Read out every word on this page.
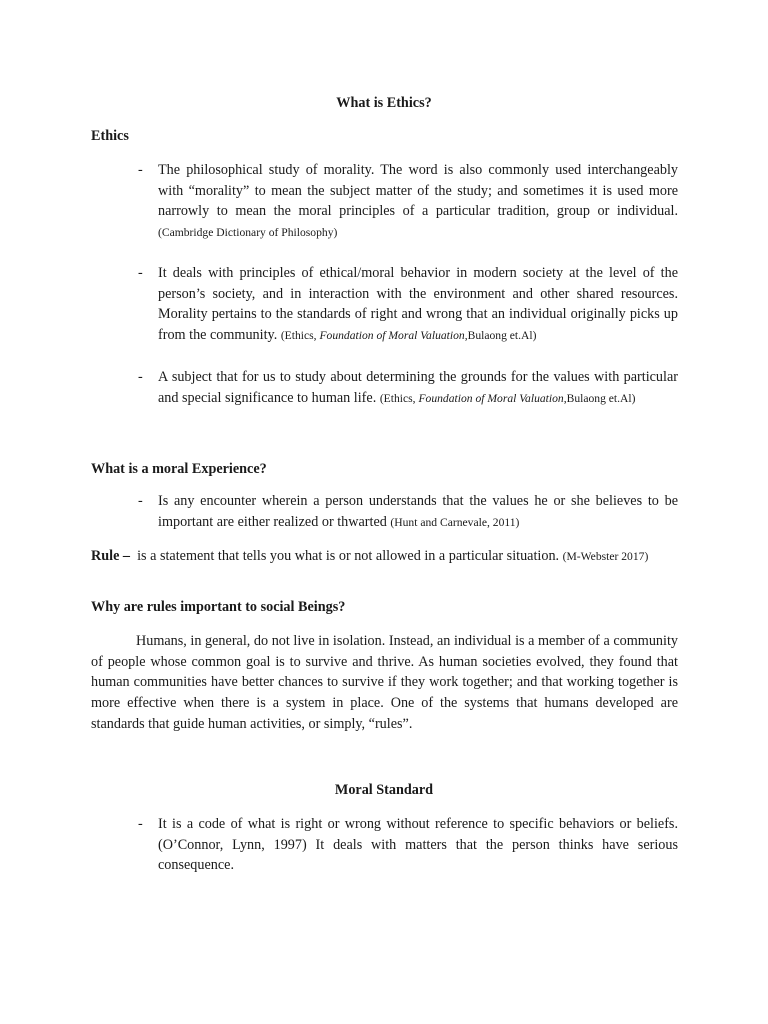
What is Ethics?
Ethics
- The philosophical study of morality. The word is also commonly used interchangeably with “morality” to mean the subject matter of the study; and sometimes it is used more narrowly to mean the moral principles of a particular tradition, group or individual. (Cambridge Dictionary of Philosophy)
- It deals with principles of ethical/moral behavior in modern society at the level of the person’s society, and in interaction with the environment and other shared resources. Morality pertains to the standards of right and wrong that an individual originally picks up from the community. (Ethics, Foundation of Moral Valuation,Bulaong et.Al)
- A subject that for us to study about determining the grounds for the values with particular and special significance to human life. (Ethics, Foundation of Moral Valuation,Bulaong et.Al)
What is a moral Experience?
- Is any encounter wherein a person understands that the values he or she believes to be important are either realized or thwarted (Hunt and Carnevale, 2011)
Rule – is a statement that tells you what is or not allowed in a particular situation. (M-Webster 2017)
Why are rules important to social Beings?
Humans, in general, do not live in isolation. Instead, an individual is a member of a community of people whose common goal is to survive and thrive. As human societies evolved, they found that human communities have better chances to survive if they work together; and that working together is more effective when there is a system in place. One of the systems that humans developed are standards that guide human activities, or simply, “rules”.
Moral Standard
- It is a code of what is right or wrong without reference to specific behaviors or beliefs. (O’Connor, Lynn, 1997) It deals with matters that the person thinks have serious consequence.
